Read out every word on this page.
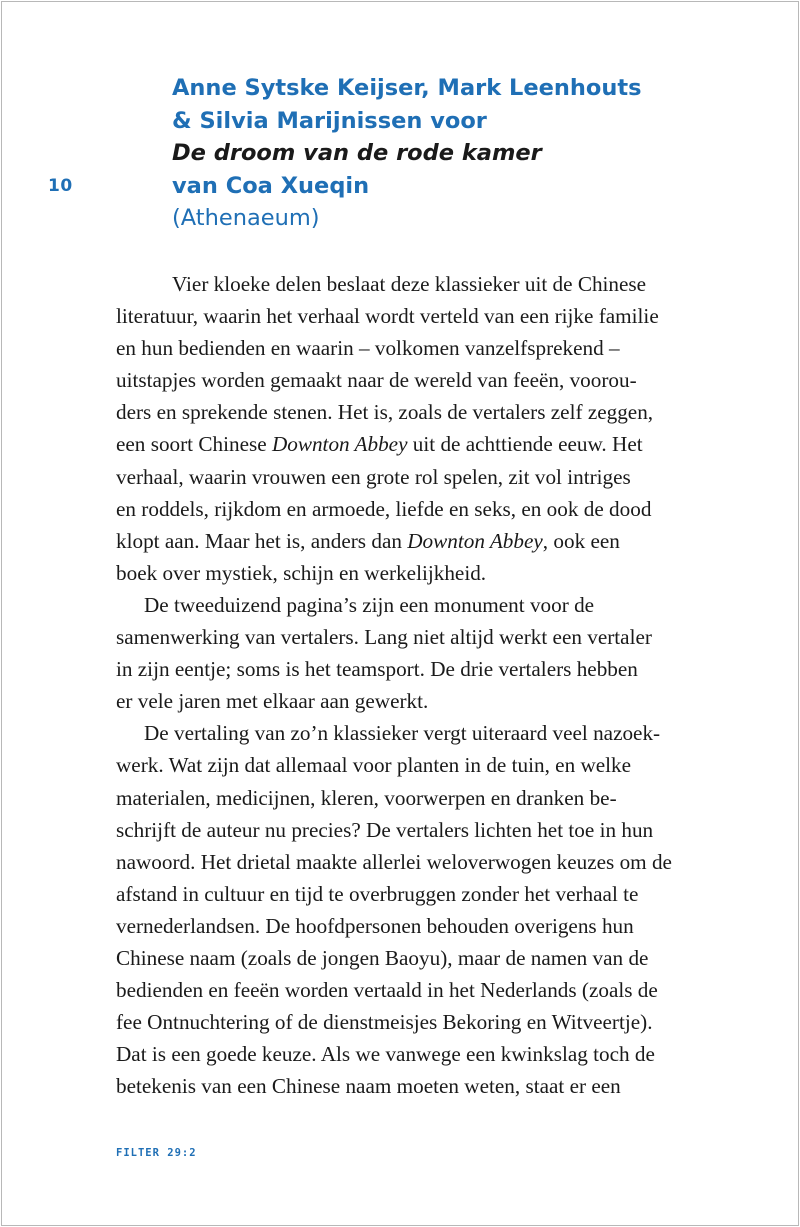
10
Anne Sytske Keijser, Mark Leenhouts
& Silvia Marijnissen voor
De droom van de rode kamer
van Coa Xueqin
(Athenaeum)
Vier kloeke delen beslaat deze klassieker uit de Chinese
literatuur, waarin het verhaal wordt verteld van een rijke familie
en hun bedienden en waarin – volkomen vanzelfsprekend –
uitstapjes worden gemaakt naar de wereld van feeën, voorou-
ders en sprekende stenen. Het is, zoals de vertalers zelf zeggen,
een soort Chinese Downton Abbey uit de achttiende eeuw. Het
verhaal, waarin vrouwen een grote rol spelen, zit vol intriges
en roddels, rijkdom en armoede, liefde en seks, en ook de dood
klopt aan. Maar het is, anders dan Downton Abbey, ook een
boek over mystiek, schijn en werkelijkheid.
De tweeduizend pagina’s zijn een monument voor de
samenwerking van vertalers. Lang niet altijd werkt een vertaler
in zijn eentje; soms is het teamsport. De drie vertalers hebben
er vele jaren met elkaar aan gewerkt.
De vertaling van zo’n klassieker vergt uiteraard veel nazoek-
werk. Wat zijn dat allemaal voor planten in de tuin, en welke
materialen, medicijnen, kleren, voorwerpen en dranken be-
schrijft de auteur nu precies? De vertalers lichten het toe in hun
nawoord. Het drietal maakte allerlei weloverwogen keuzes om de
afstand in cultuur en tijd te overbruggen zonder het verhaal te
vernederlandsen. De hoofdpersonen behouden overigens hun
Chinese naam (zoals de jongen Baoyu), maar de namen van de
bedienden en feeën worden vertaald in het Nederlands (zoals de
fee Ontnuchtering of de dienstmeisjes Bekoring en Witveertje).
Dat is een goede keuze. Als we vanwege een kwinkslag toch de
betekenis van een Chinese naam moeten weten, staat er een
FILTER 29:2
